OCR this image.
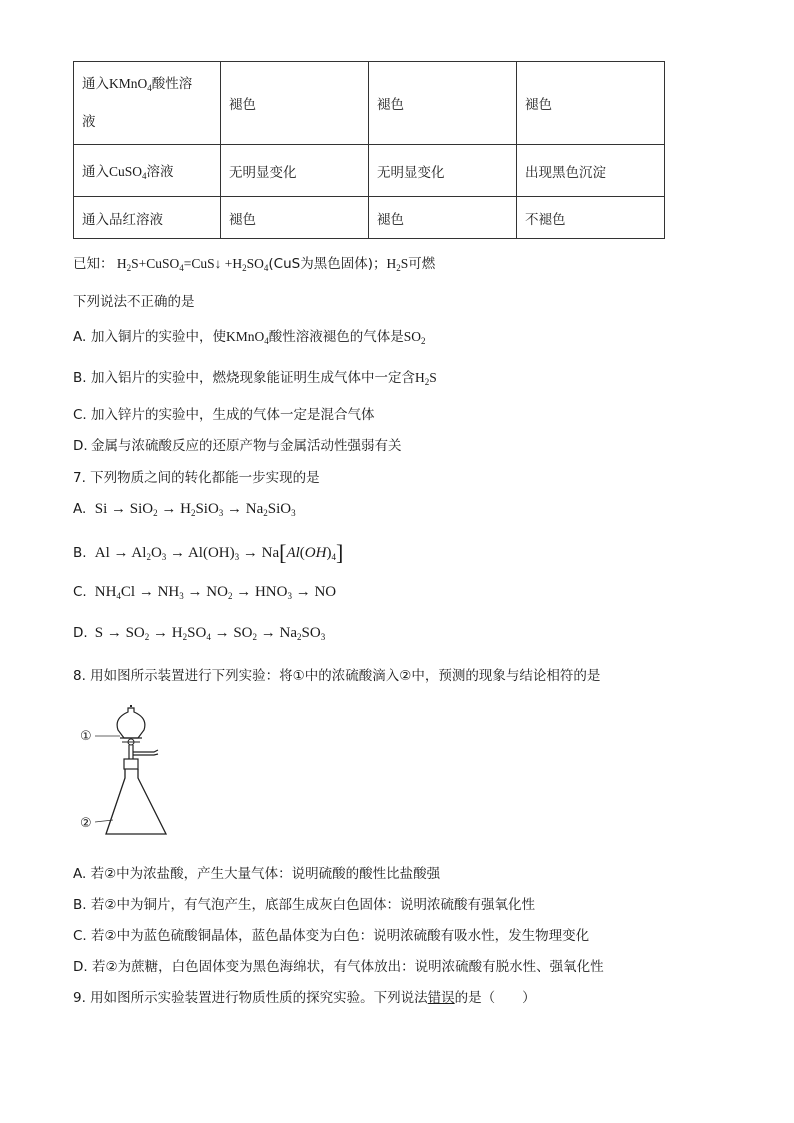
通入KMnO$_4$酸性溶
液	褪色	褪色	褪色
通入CuSO$_4$溶液	无明显变化	无明显变化	出现黑色沉淀
通入品红溶液	褪色	褪色	不褪色
已知： $H_2S+CuSO_4=CuS↓ +H_2SO_4(CuS$为黑色固体)；$H_2S$可燃
下列说法不正确的是
A. 加入铜片的实验中，使KMnO$_4$酸性溶液褪色的气体是$SO_2$
B. 加入铝片的实验中，燃烧现象能证明生成气体中一定含$H_2S$
C. 加入锌片的实验中，生成的气体一定是混合气体
D. 金属与浓硫酸反应的还原产物与金属活动性强弱有关
7. 下列物质之间的转化都能一步实现的是
A. $Si \to SiO_2 \to H_2SiO_3 \to Na_2SiO_3$
B. $Al \to Al_2O_3 \to Al(OH)_3 \to Na[Al(OH)_4]$
C. $NH_4Cl \to NH_3 \to NO_2 \to HNO_3$ → NO
D. $S \to SO_2 \to H_2SO_4 \to SO_2 \to Na_2SO_3$
8. 用如图所示装置进行下列实验：将①中的浓硫酸滴入②中，预测的现象与结论相符的是
①
②
A. 若②中为浓盐酸，产生大量气体：说明硫酸的酸性比盐酸强
B. 若②中为铜片，有气泡产生，底部生成灰白色固体：说明浓硫酸有强氧化性
C. 若②中为蓝色硫酸铜晶体，蓝色晶体变为白色：说明浓硫酸有吸水性，发生物理变化
D. 若②为蔗糖，白色固体变为黑色海绵状，有气体放出：说明浓硫酸有脱水性、强氧化性
9. 用如图所示实验装置进行物质性质的探究实验。下列说法错误的是（　　）
